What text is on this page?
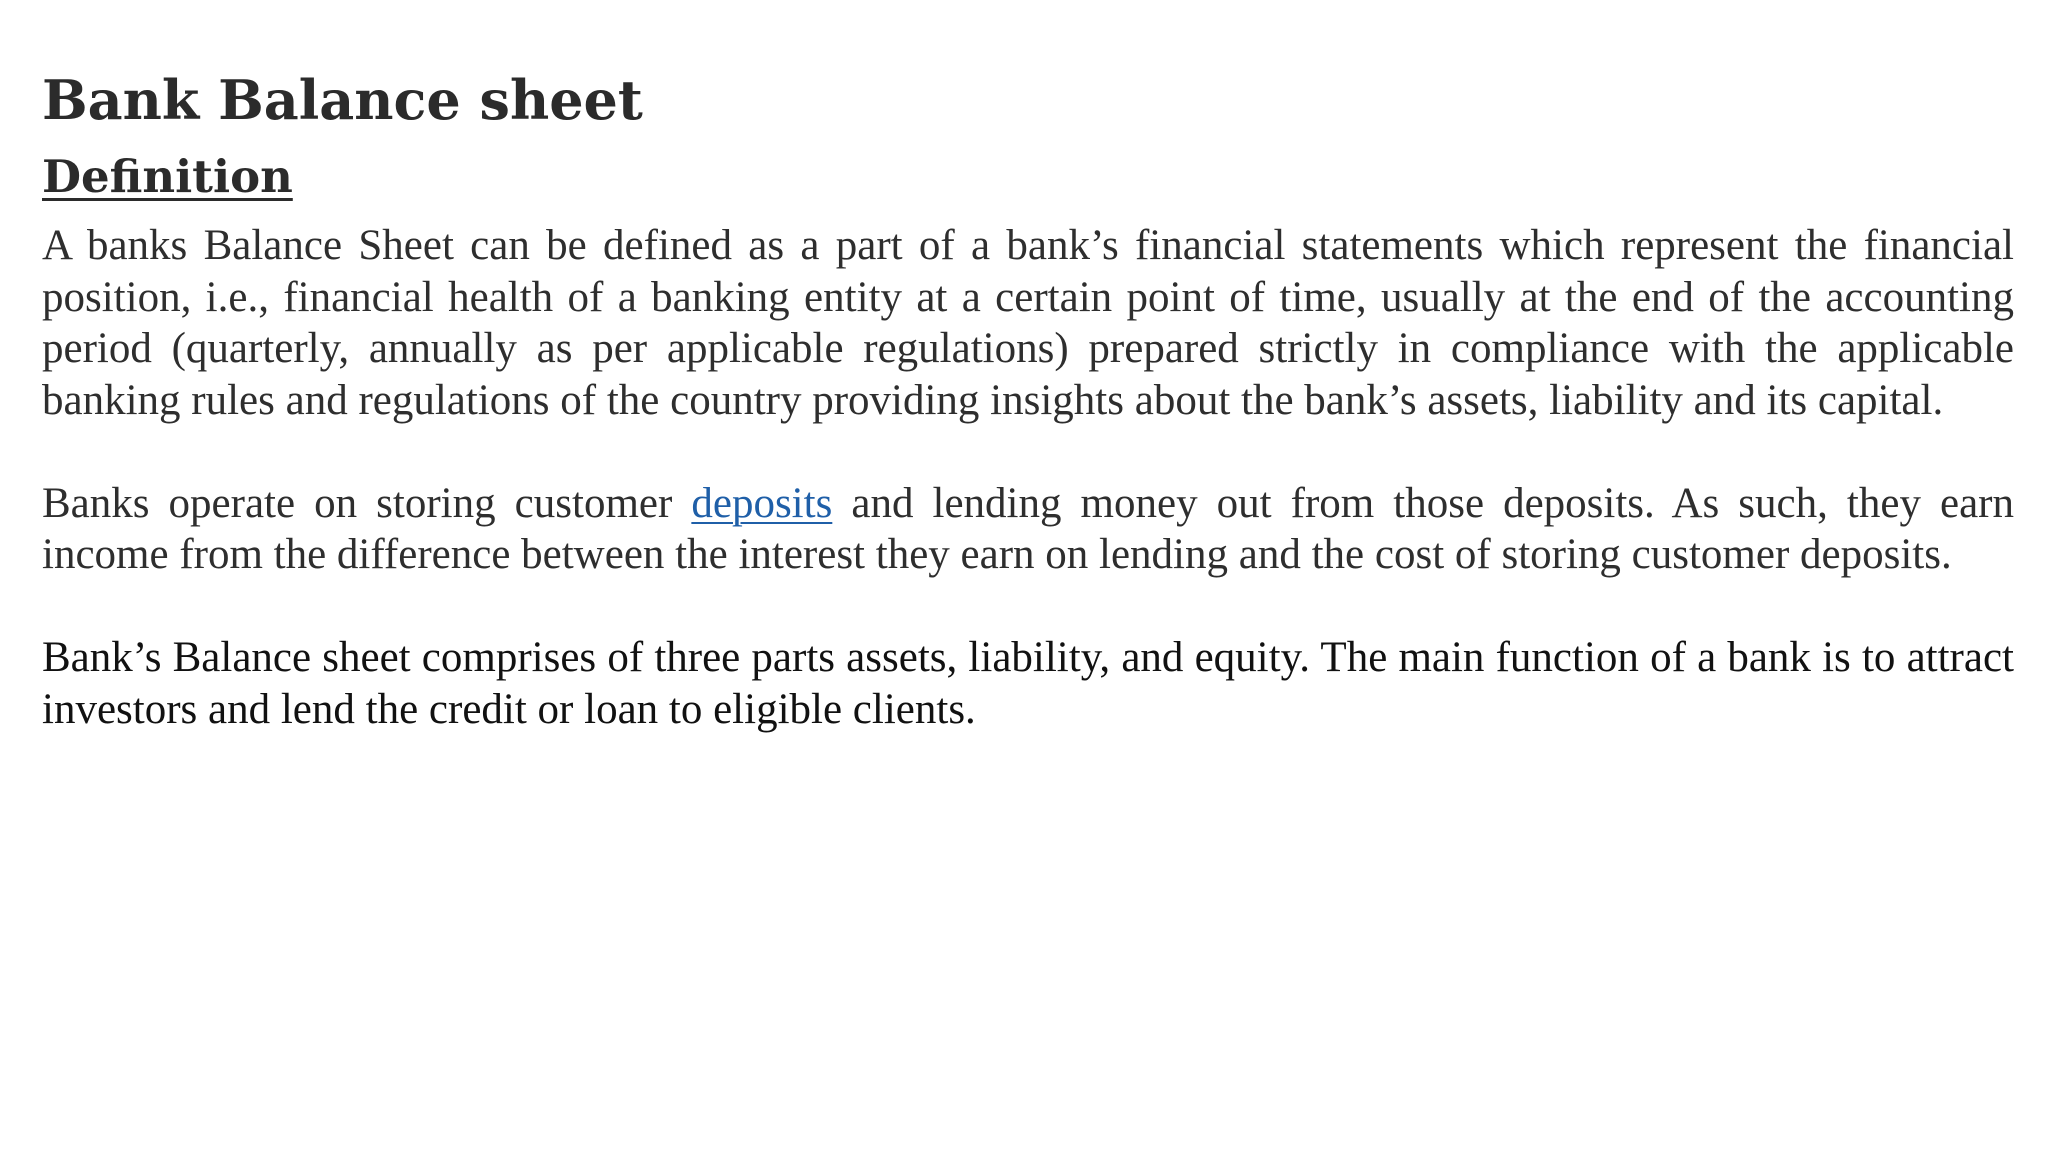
Bank Balance sheet
Definition

A banks Balance Sheet can be defined as a part of a bank’s financial statements which represent the financial position, i.e., financial health of a banking entity at a certain point of time, usually at the end of the accounting period (quarterly, annually as per applicable regulations) prepared strictly in compliance with the applicable banking rules and regulations of the country providing insights about the bank’s assets, liability and its capital.

Banks operate on storing customer deposits and lending money out from those deposits. As such, they earn income from the difference between the interest they earn on lending and the cost of storing customer deposits.

Bank’s Balance sheet comprises of three parts assets, liability, and equity. The main function of a bank is to attract investors and lend the credit or loan to eligible clients.
